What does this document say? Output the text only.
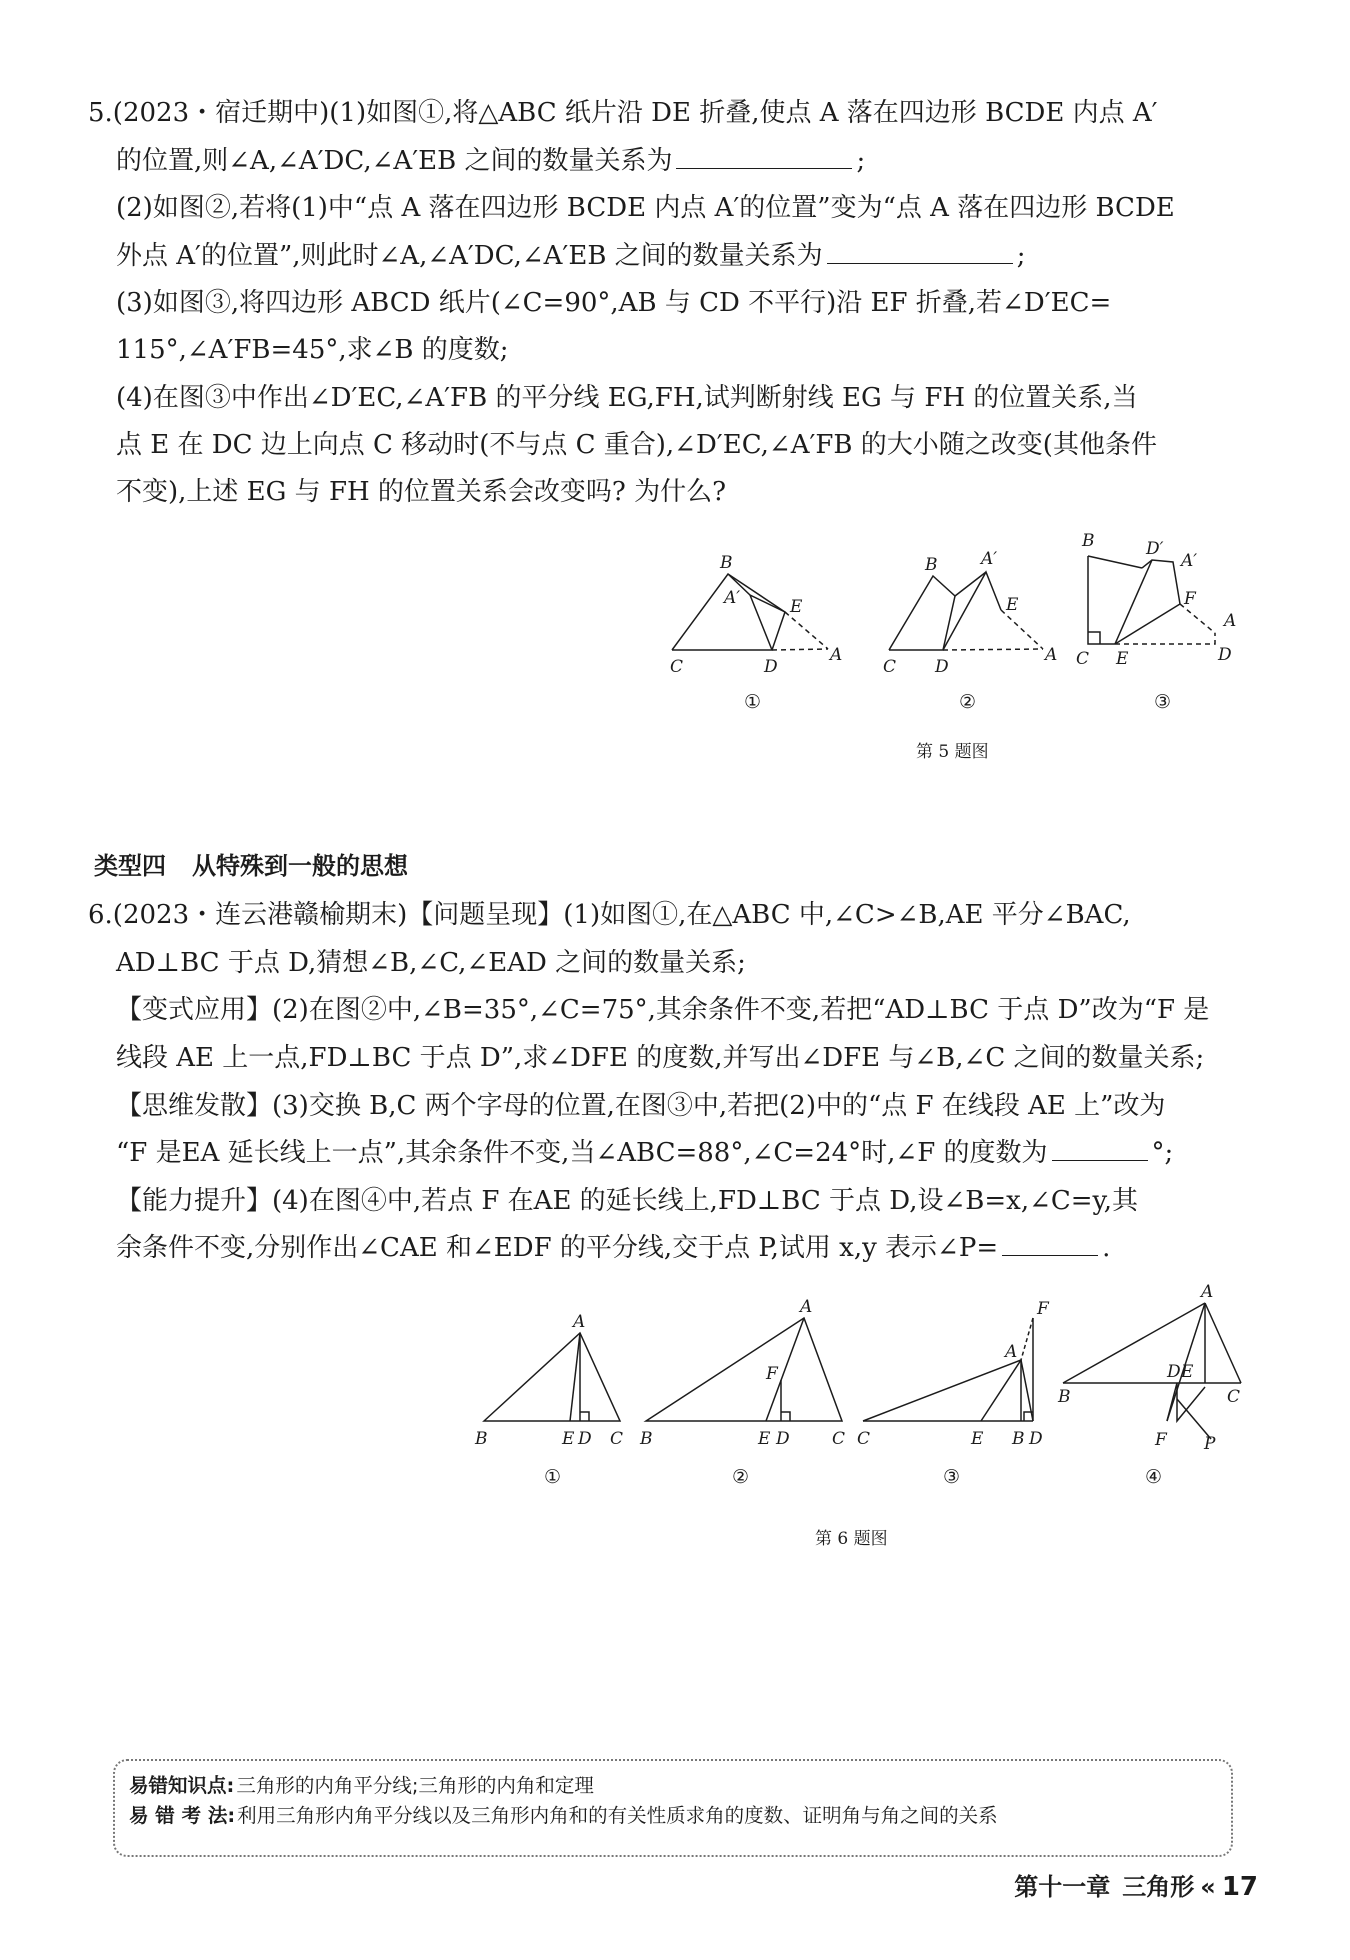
5.(2023・宿迁期中)(1)如图①,将△ABC 纸片沿 DE 折叠,使点 A 落在四边形 BCDE 内点 A′
的位置,则∠A,∠A′DC,∠A′EB 之间的数量关系为	;
(2)如图②,若将(1)中“点 A 落在四边形 BCDE 内点 A′的位置”变为“点 A 落在四边形 BCDE
外点 A′的位置”,则此时∠A,∠A′DC,∠A′EB 之间的数量关系为	;
(3)如图③,将四边形 ABCD 纸片(∠C=90°,AB 与 CD 不平行)沿 EF 折叠,若∠D′EC=
115°,∠A′FB=45°,求∠B 的度数;
(4)在图③中作出∠D′EC,∠A′FB 的平分线 EG,FH,试判断射线 EG 与 FH 的位置关系,当
点 E 在 DC 边上向点 C 移动时(不与点 C 重合),∠D′EC,∠A′FB 的大小随之改变(其他条件
不变),上述 EG 与 FH 的位置关系会改变吗? 为什么?
B
A′	E
C	D
A
①
B	A′
E
C D
A
②
B	D′
A′
F
A
C E	D
③
第 5 题图
类型四 从特殊到一般的思想
6.(2023・连云港赣榆期末)【问题呈现】(1)如图①,在△ABC 中,∠C>∠B,AE 平分∠BAC,
AD⊥BC 于点 D,猜想∠B,∠C,∠EAD 之间的数量关系;
【变式应用】(2)在图②中,∠B=35°,∠C=75°,其余条件不变,若把“AD⊥BC 于点 D”改为“F 是
线段 AE 上一点,FD⊥BC 于点 D”,求∠DFE 的度数,并写出∠DFE 与∠B,∠C 之间的数量关系;
【思维发散】(3)交换 B,C 两个字母的位置,在图③中,若把(2)中的“点 F 在线段 AE 上”改为
“F 是EA 延长线上一点”,其余条件不变,当∠ABC=88°,∠C=24°时,∠F 的度数为	°;
【能力提升】(4)在图④中,若点 F 在AE 的延长线上,FD⊥BC 于点 D,设∠B=x,∠C=y,其
余条件不变,分别作出∠CAE 和∠EDF 的平分线,交于点 P,试用 x,y 表示∠P=	.
A
B	E D C
①
A
F
B	E D C
②
F
A
C	E B D
③
A
D E
B	C
F P
④
第 6 题图
易错知识点: 三角形的内角平分线;三角形的内角和定理
易 错 考 法: 利用三角形内角平分线以及三角形内角和的有关性质求角的度数、证明角与角之间的关系
第十一章 三角形 « 17
